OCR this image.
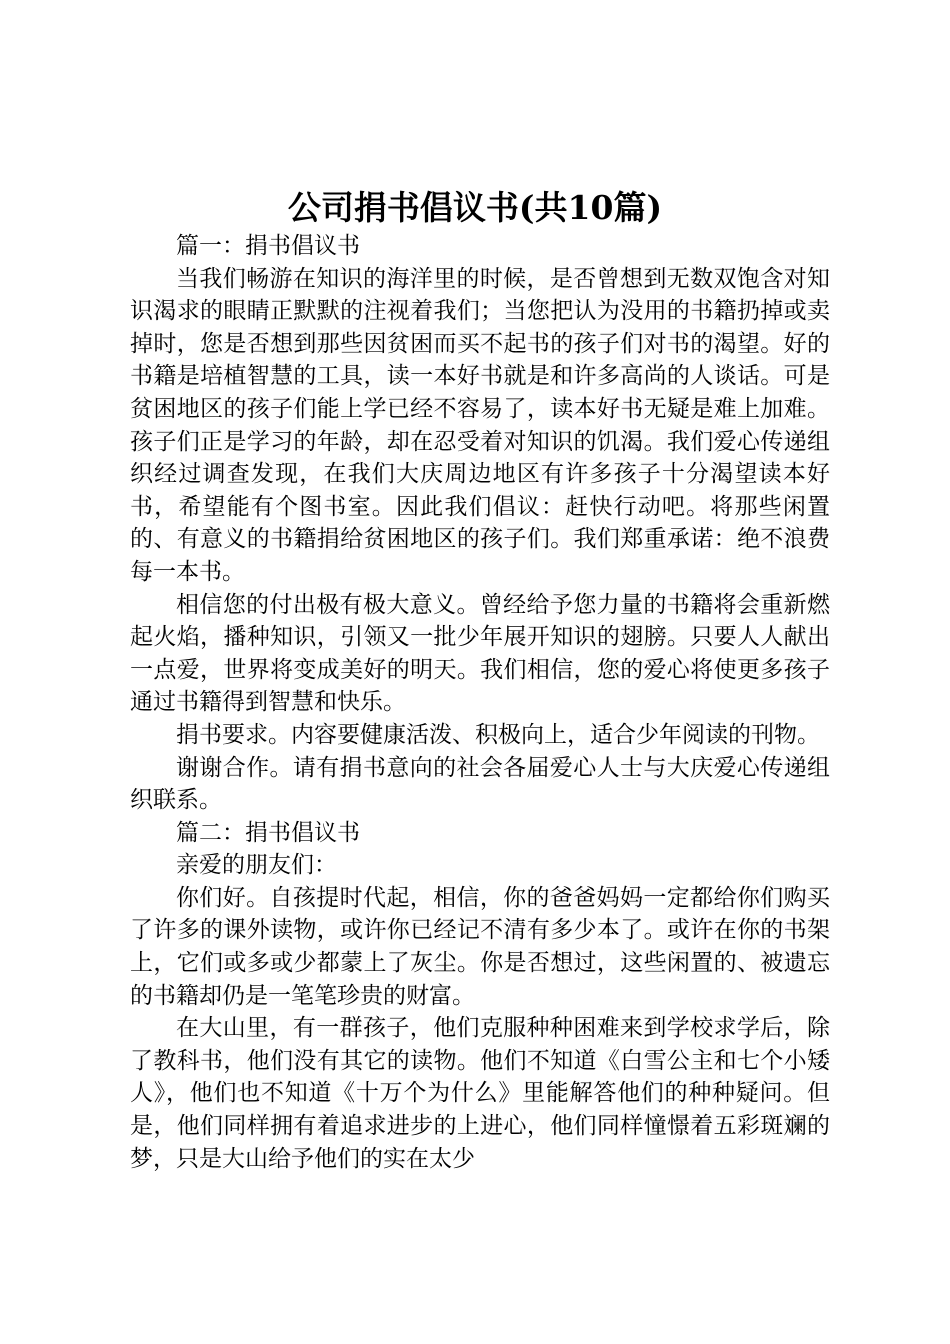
公司捐书倡议书(共10篇)

篇一：捐书倡议书

当我们畅游在知识的海洋里的时候，是否曾想到无数双饱含对知识渴求的眼睛正默默的注视着我们；当您把认为没用的书籍扔掉或卖掉时，您是否想到那些因贫困而买不起书的孩子们对书的渴望。好的书籍是培植智慧的工具，读一本好书就是和许多高尚的人谈话。可是贫困地区的孩子们能上学已经不容易了，读本好书无疑是难上加难。孩子们正是学习的年龄，却在忍受着对知识的饥渴。我们爱心传递组织经过调查发现，在我们大庆周边地区有许多孩子十分渴望读本好书，希望能有个图书室。因此我们倡议：赶快行动吧。将那些闲置的、有意义的书籍捐给贫困地区的孩子们。我们郑重承诺：绝不浪费每一本书。

相信您的付出极有极大意义。曾经给予您力量的书籍将会重新燃起火焰，播种知识，引领又一批少年展开知识的翅膀。只要人人献出一点爱，世界将变成美好的明天。我们相信，您的爱心将使更多孩子通过书籍得到智慧和快乐。

捐书要求。内容要健康活泼、积极向上，适合少年阅读的刊物。

谢谢合作。请有捐书意向的社会各届爱心人士与大庆爱心传递组织联系。

篇二：捐书倡议书

亲爱的朋友们：

你们好。自孩提时代起，相信，你的爸爸妈妈一定都给你们购买了许多的课外读物，或许你已经记不清有多少本了。或许在你的书架上，它们或多或少都蒙上了灰尘。你是否想过，这些闲置的、被遗忘的书籍却仍是一笔笔珍贵的财富。

在大山里，有一群孩子，他们克服种种困难来到学校求学后，除了教科书，他们没有其它的读物。他们不知道《白雪公主和七个小矮人》，他们也不知道《十万个为什么》里能解答他们的种种疑问。但是，他们同样拥有着追求进步的上进心，他们同样憧憬着五彩斑斓的梦，只是大山给予他们的实在太少
